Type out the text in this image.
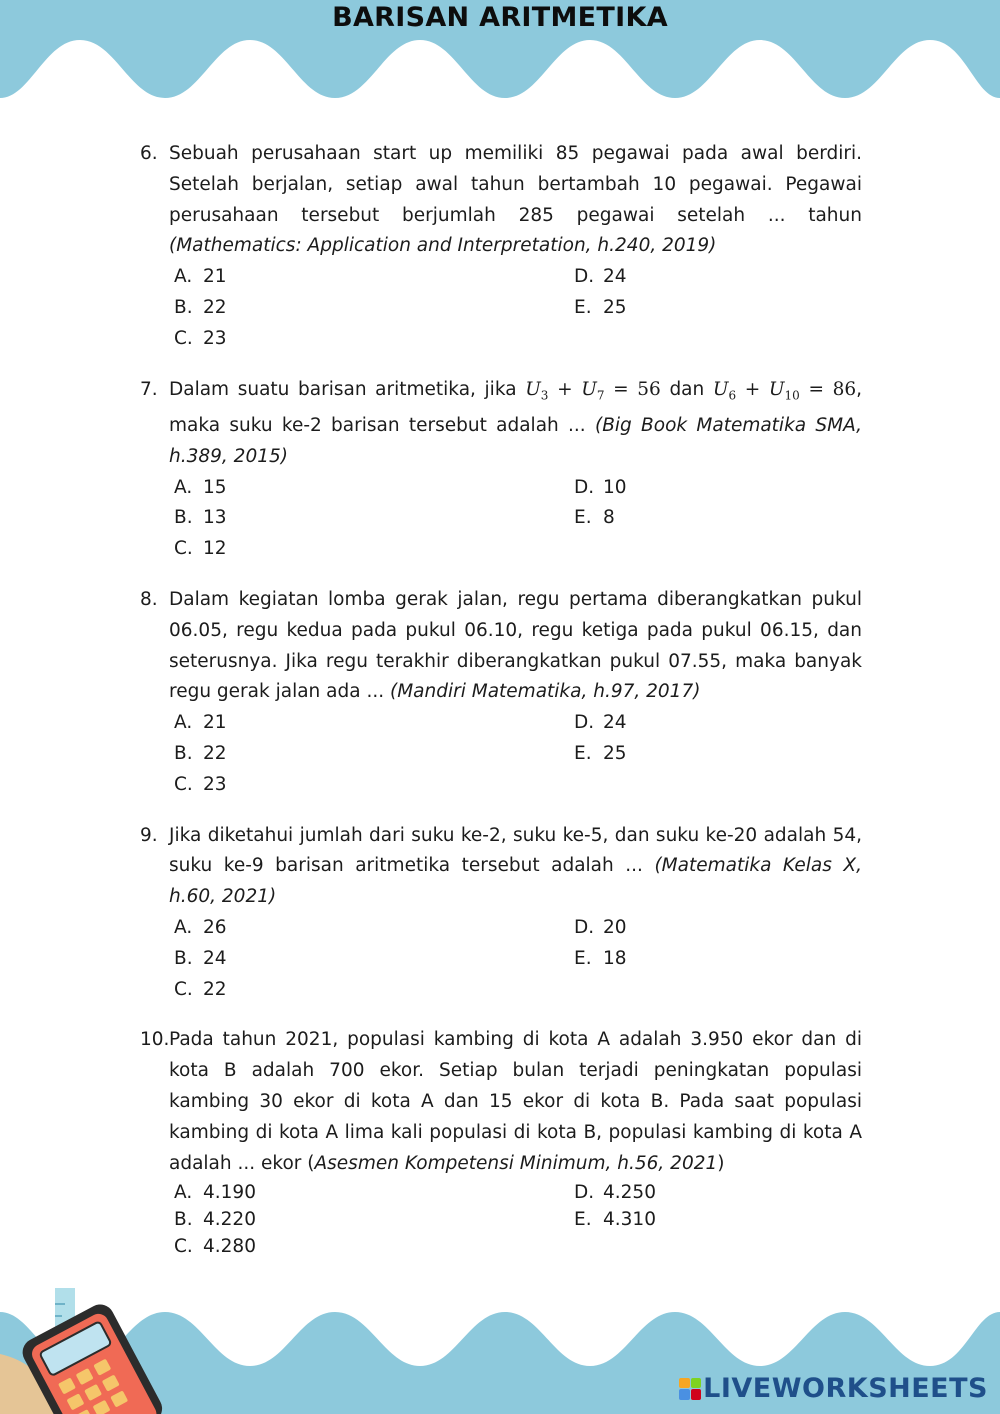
BARISAN ARITMETIKA
6. Sebuah perusahaan start up memiliki 85 pegawai pada awal berdiri. Setelah berjalan, setiap awal tahun bertambah 10 pegawai. Pegawai perusahaan tersebut berjumlah 285 pegawai setelah ... tahun (Mathematics: Application and Interpretation, h.240, 2019)
A. 21	D. 24
B. 22	E. 25
C. 23
7. Dalam suatu barisan aritmetika, jika $U_3 + U_7 = 56$ dan $U_6 + U_{10} = 86$, maka suku ke-2 barisan tersebut adalah ... (Big Book Matematika SMA, h.389, 2015)
A. 15	D. 10
B. 13	E. 8
C. 12
8. Dalam kegiatan lomba gerak jalan, regu pertama diberangkatkan pukul 06.05, regu kedua pada pukul 06.10, regu ketiga pada pukul 06.15, dan seterusnya. Jika regu terakhir diberangkatkan pukul 07.55, maka banyak regu gerak jalan ada ... (Mandiri Matematika, h.97, 2017)
A. 21	D. 24
B. 22	E. 25
C. 23
9. Jika diketahui jumlah dari suku ke-2, suku ke-5, dan suku ke-20 adalah 54, suku ke-9 barisan aritmetika tersebut adalah ... (Matematika Kelas X, h.60, 2021)
A. 26	D. 20
B. 24	E. 18
C. 22
10. Pada tahun 2021, populasi kambing di kota A adalah 3.950 ekor dan di kota B adalah 700 ekor. Setiap bulan terjadi peningkatan populasi kambing 30 ekor di kota A dan 15 ekor di kota B. Pada saat populasi kambing di kota A lima kali populasi di kota B, populasi kambing di kota A adalah ... ekor (Asesmen Kompetensi Minimum, h.56, 2021)
A. 4.190	D. 4.250
B. 4.220	E. 4.310
C. 4.280
LIVEWORKSHEETS
